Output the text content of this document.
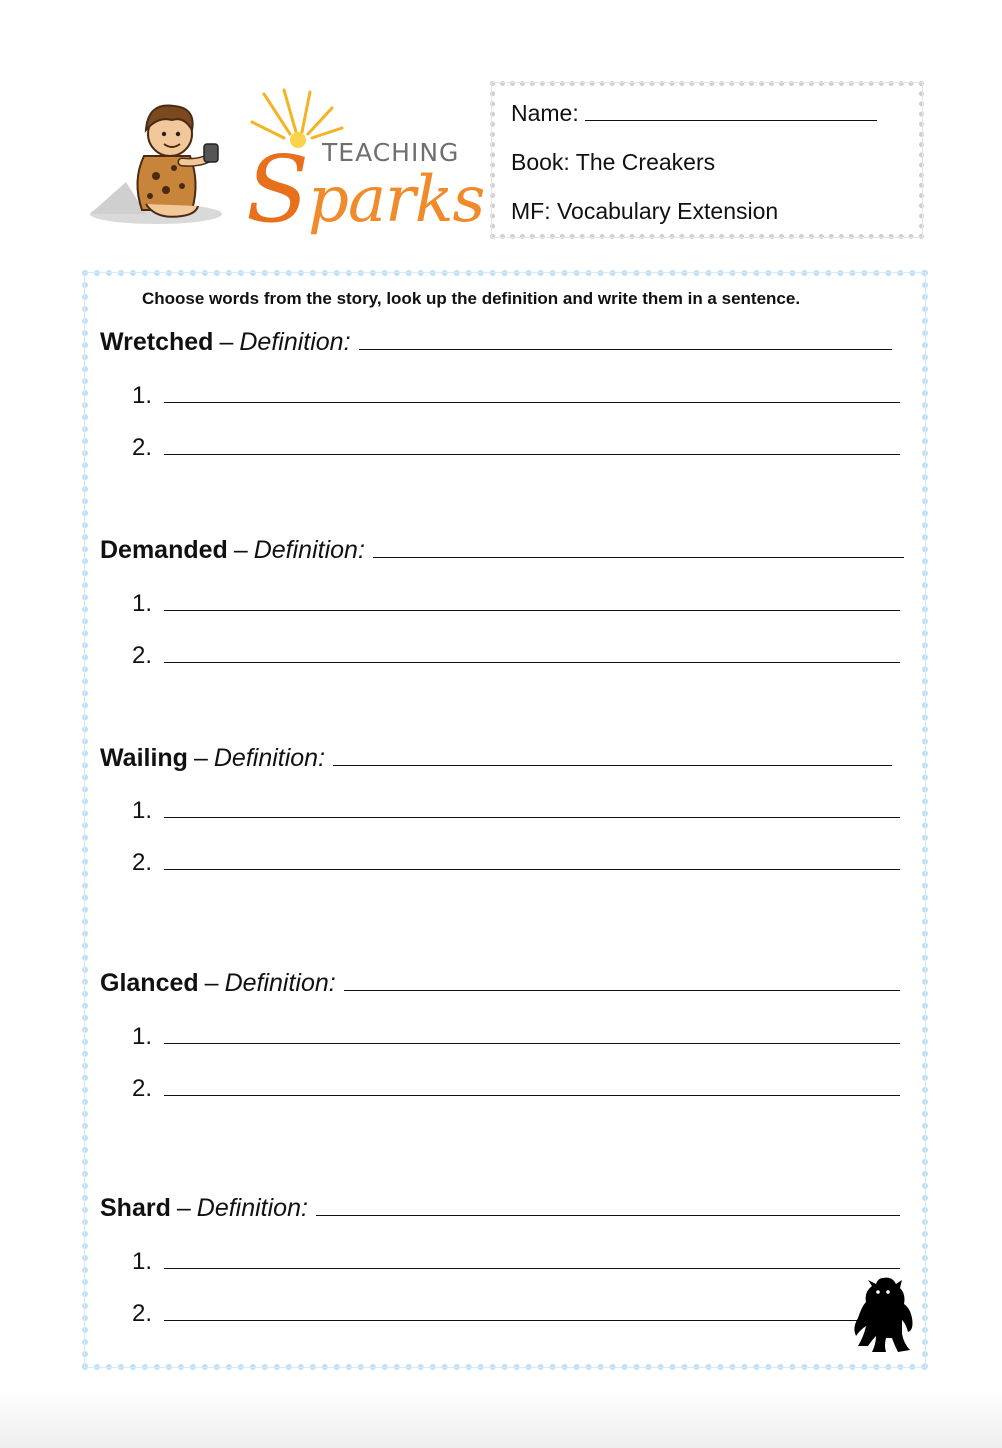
TEACHING
Sparks
Name:
Book: The Creakers
MF: Vocabulary Extension
Choose words from the story, look up the definition and write them in a sentence.
Wretched – Definition:
1.
2.
Demanded – Definition:
1.
2.
Wailing – Definition:
1.
2.
Glanced – Definition:
1.
2.
Shard – Definition:
1.
2.
